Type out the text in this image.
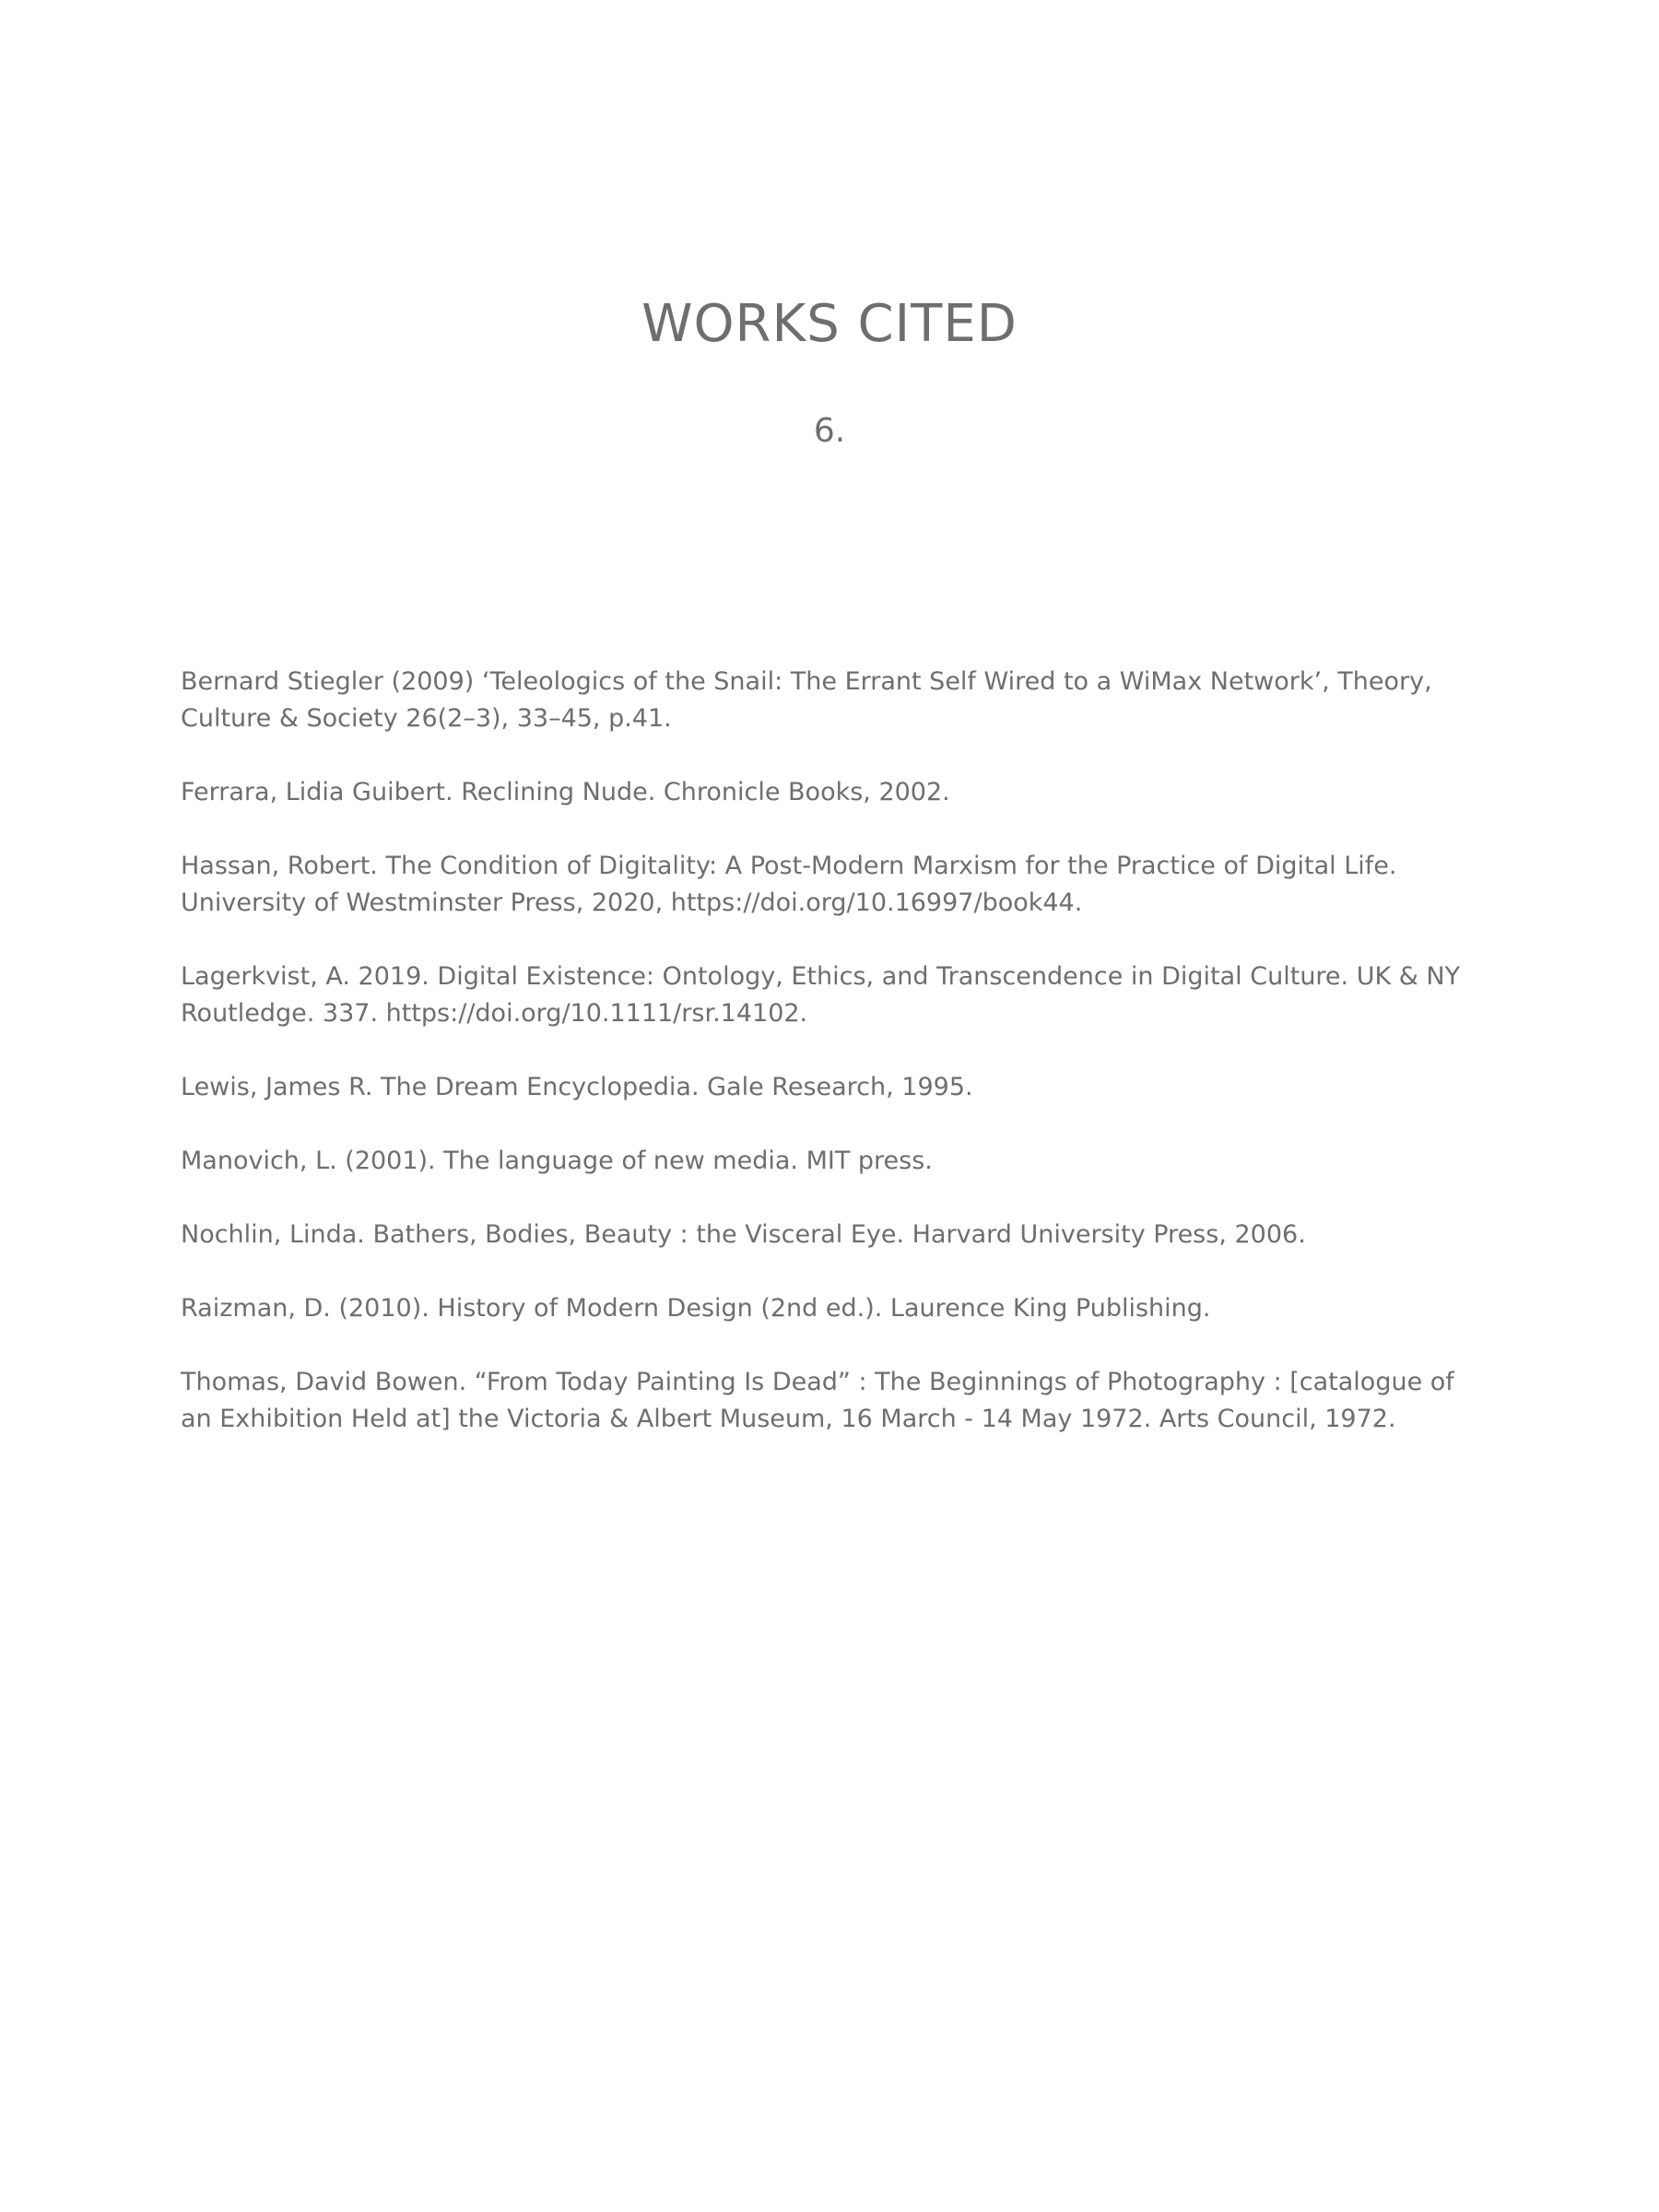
WORKS CITED
6.
Bernard Stiegler (2009) ‘Teleologics of the Snail: The Errant Self Wired to a WiMax Network’, Theory, Culture & Society 26(2–3), 33–45, p.41.
Ferrara, Lidia Guibert. Reclining Nude. Chronicle Books, 2002.
Hassan, Robert. The Condition of Digitality: A Post-Modern Marxism for the Practice of Digital Life. University of Westminster Press, 2020, https://doi.org/10.16997/book44.
Lagerkvist, A. 2019. Digital Existence: Ontology, Ethics, and Transcendence in Digital Culture. UK & NY Routledge. 337. https://doi.org/10.1111/rsr.14102.
Lewis, James R. The Dream Encyclopedia. Gale Research, 1995.
Manovich, L. (2001). The language of new media. MIT press.
Nochlin, Linda. Bathers, Bodies, Beauty : the Visceral Eye. Harvard University Press, 2006.
Raizman, D. (2010). History of Modern Design (2nd ed.). Laurence King Publishing.
Thomas, David Bowen. “From Today Painting Is Dead” : The Beginnings of Photography : [catalogue of an Exhibition Held at] the Victoria & Albert Museum, 16 March - 14 May 1972. Arts Council, 1972.
